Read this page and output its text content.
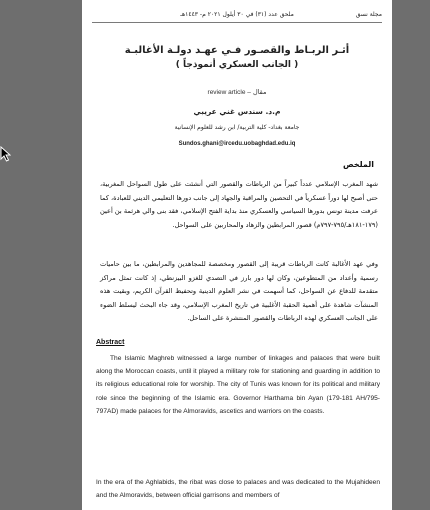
مجلة نسق
ملحق عدد (٣١) في ٣٠ أيلول ٢٠٢١ م- ١٤٤٣هـ
أثـر الربـاط والقصـور فـي عهـد دولـة الأغالبـة
( الجانب العسكري أنموذجاً )
review article – مقال
م.د. سندس غني عريبي
جامعة بغداد- كلية التربية/ ابن رشد للعلوم الإنسانية
Sundos.ghani@ircedu.uobaghdad.edu.iq
الملخص
شهد المغرب الإسلامي عدداً كبيراً من الرباطات والقصور التي أنشئت على طول السواحل المغربية، حتى أصبح لها دوراً عسكرياً في التحصين والمراقبة والجهاد إلى جانب دورها التعليمي الديني للعبادة، كما عرفت مدينة تونس بدورها السياسي والعسكري منذ بداية الفتح الإسلامي، فقد بنى والي هرثمة بن أعين (١٧٩-١٨١هـ/٧٩٥-٧٩٧م) قصور المرابطين والزهاد والمحاربين على السواحل.
وفي عهد الأغالبة كانت الرباطات قريبة إلى القصور ومخصصة للمجاهدين والمرابطين، ما بين حاميات رسمية وأعداد من المتطوعين، وكان لها دور بارز في التصدي للغزو البيزنطي، إذ كانت تمثل مراكز متقدمة للدفاع عن السواحل، كما أسهمت في نشر العلوم الدينية وتحفيظ القرآن الكريم، وبقيت هذه المنشآت شاهدة على أهمية الحقبة الأغلبية في تاريخ المغرب الإسلامي، وقد جاء البحث ليسلط الضوء على الجانب العسكري لهذه الرباطات والقصور المنتشرة على الساحل.
Abstract
The Islamic Maghreb witnessed a large number of linkages and palaces that were built along the Moroccan coasts, until it played a military role for stationing and guarding in addition to its religious educational role for worship. The city of Tunis was known for its political and military role since the beginning of the Islamic era. Governor Harthama bin Ayan (179-181 AH/795-797AD) made palaces for the Almoravids, ascetics and warriors on the coasts.
In the era of the Aghlabids, the ribat was close to palaces and was dedicated to the Mujahideen and the Almoravids, between official garrisons and members of
